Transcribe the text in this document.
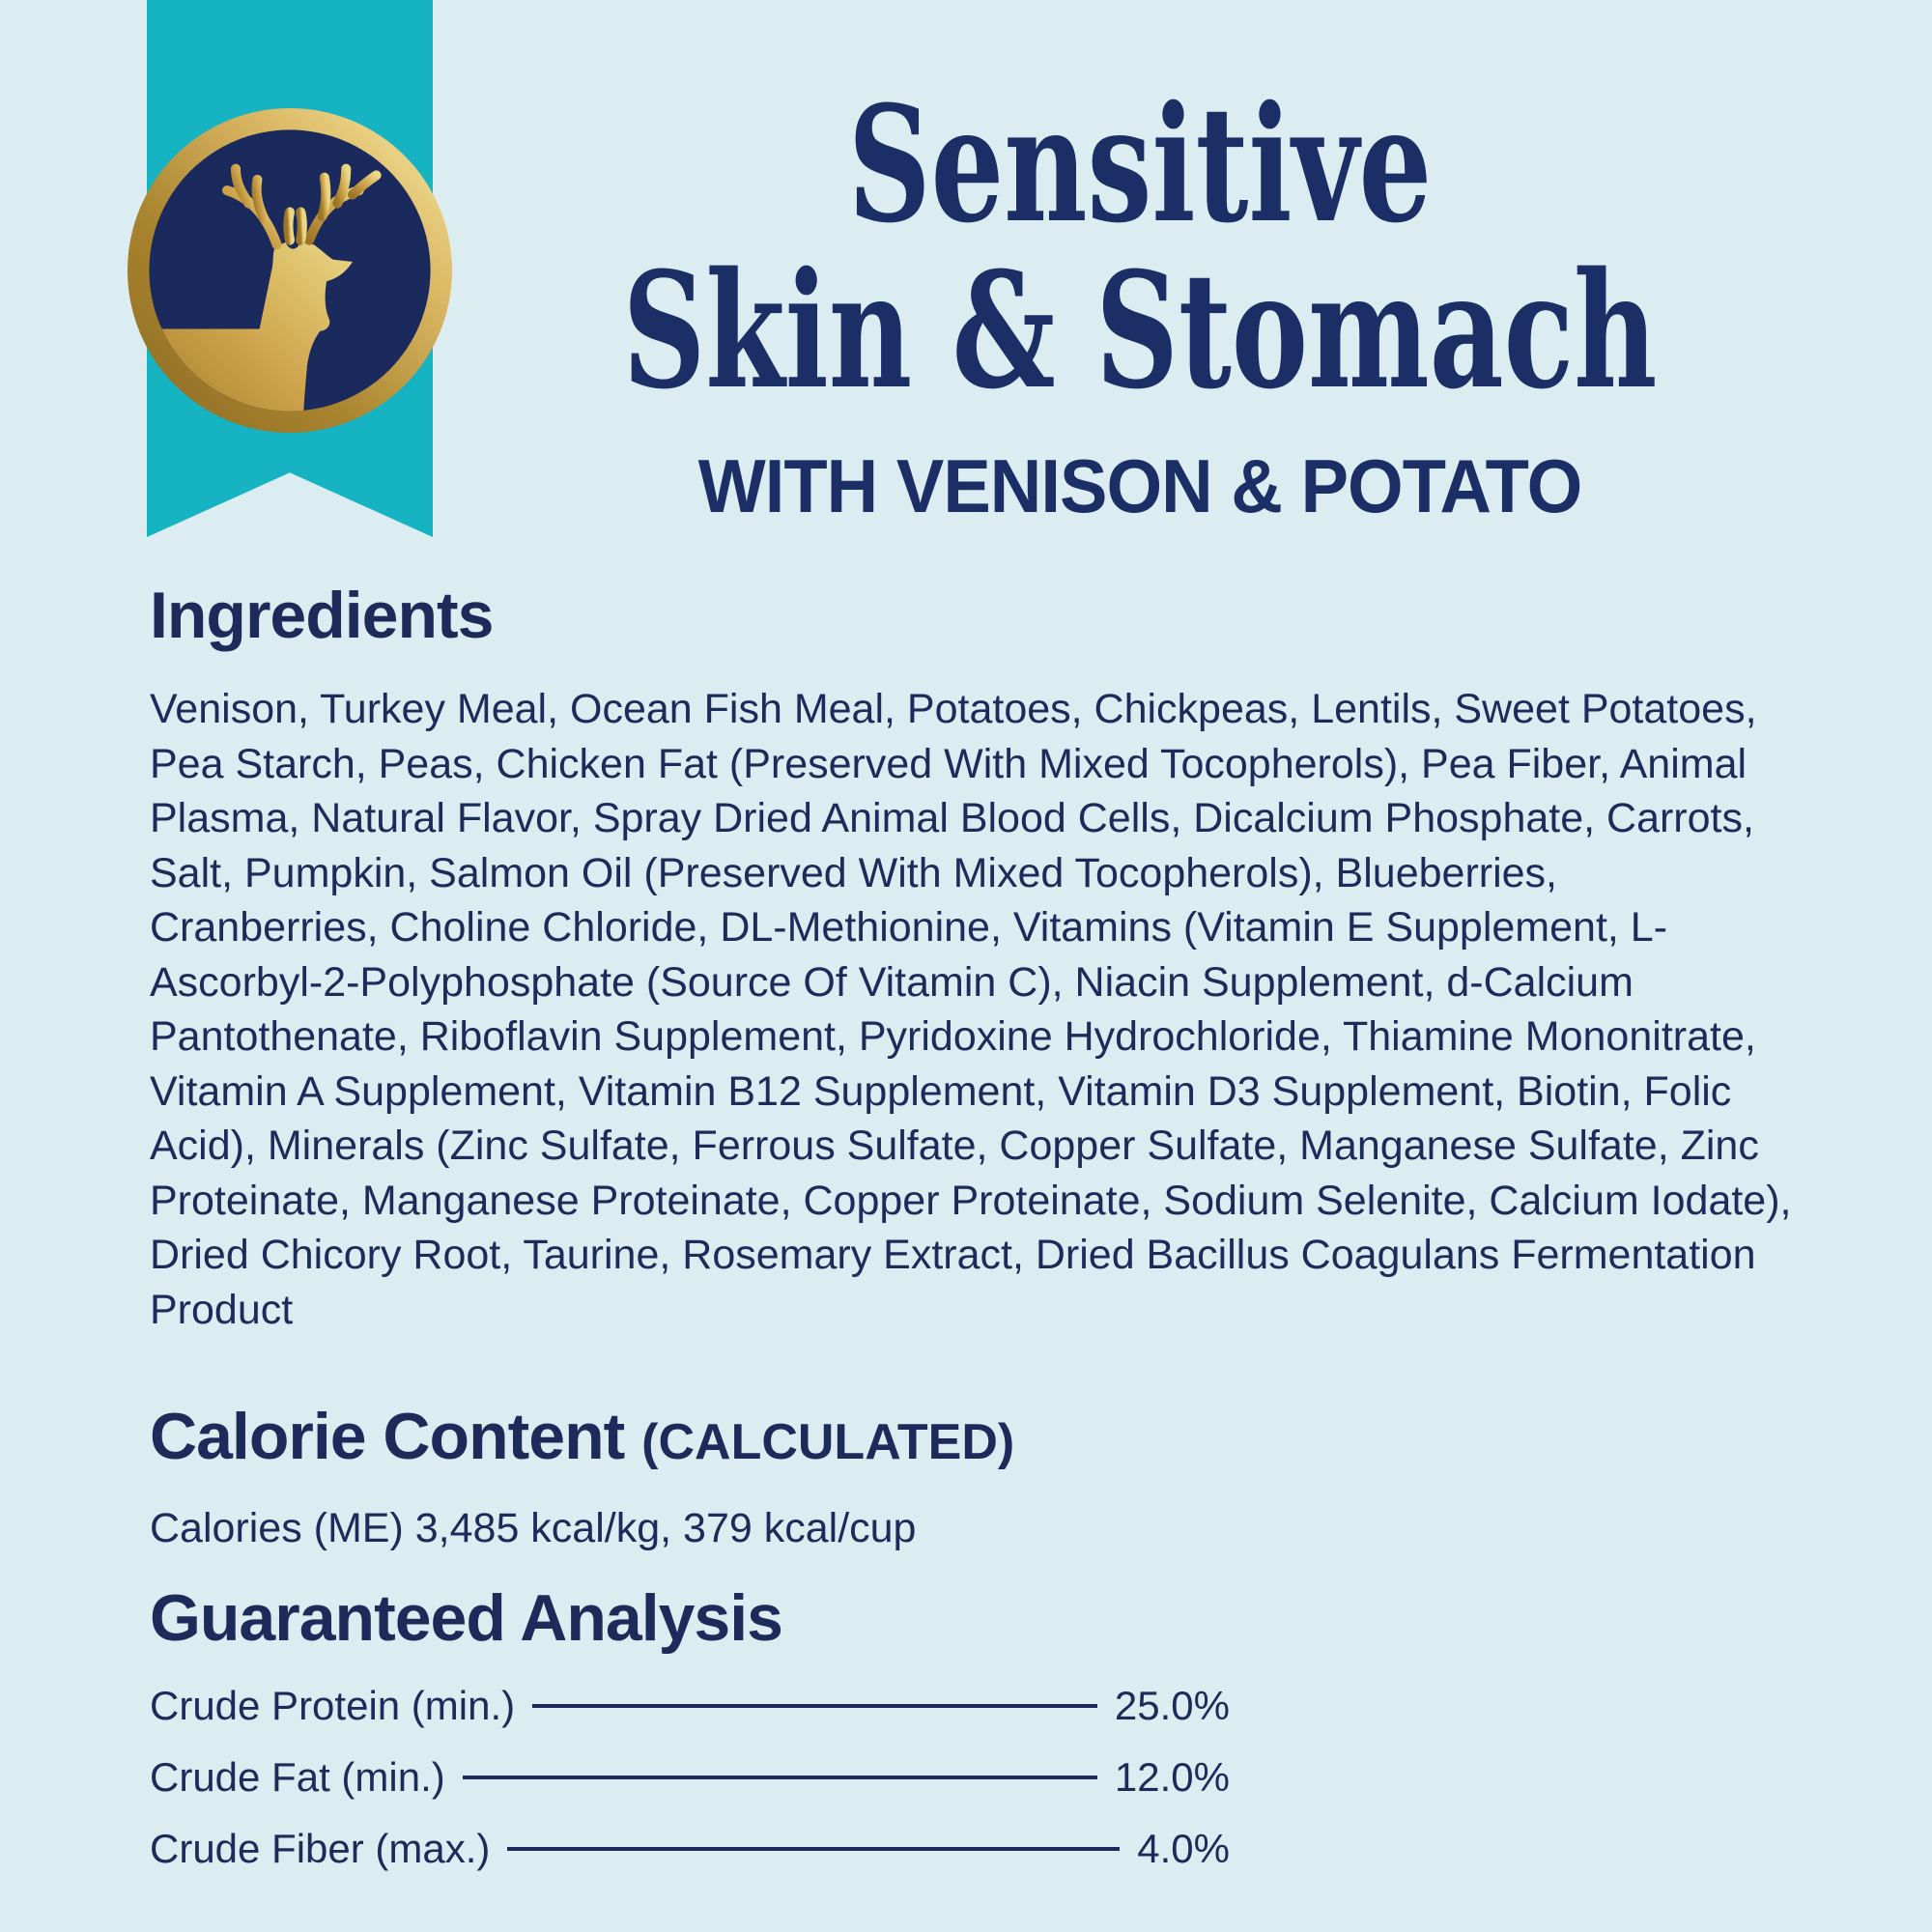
Sensitive
Skin & Stomach
WITH VENISON & POTATO
Ingredients
Venison, Turkey Meal, Ocean Fish Meal, Potatoes, Chickpeas, Lentils, Sweet Potatoes, Pea Starch, Peas, Chicken Fat (Preserved With Mixed Tocopherols), Pea Fiber, Animal Plasma, Natural Flavor, Spray Dried Animal Blood Cells, Dicalcium Phosphate, Carrots, Salt, Pumpkin, Salmon Oil (Preserved With Mixed Tocopherols), Blueberries, Cranberries, Choline Chloride, DL-Methionine, Vitamins (Vitamin E Supplement, L-Ascorbyl-2-Polyphosphate (Source Of Vitamin C), Niacin Supplement, d-Calcium Pantothenate, Riboflavin Supplement, Pyridoxine Hydrochloride, Thiamine Mononitrate, Vitamin A Supplement, Vitamin B12 Supplement, Vitamin D3 Supplement, Biotin, Folic Acid), Minerals (Zinc Sulfate, Ferrous Sulfate, Copper Sulfate, Manganese Sulfate, Zinc Proteinate, Manganese Proteinate, Copper Proteinate, Sodium Selenite, Calcium Iodate), Dried Chicory Root, Taurine, Rosemary Extract, Dried Bacillus Coagulans Fermentation Product
Calorie Content (CALCULATED)
Calories (ME) 3,485 kcal/kg, 379 kcal/cup
Guaranteed Analysis
Crude Protein (min.)	25.0%
Crude Fat (min.)	12.0%
Crude Fiber (max.)	4.0%
